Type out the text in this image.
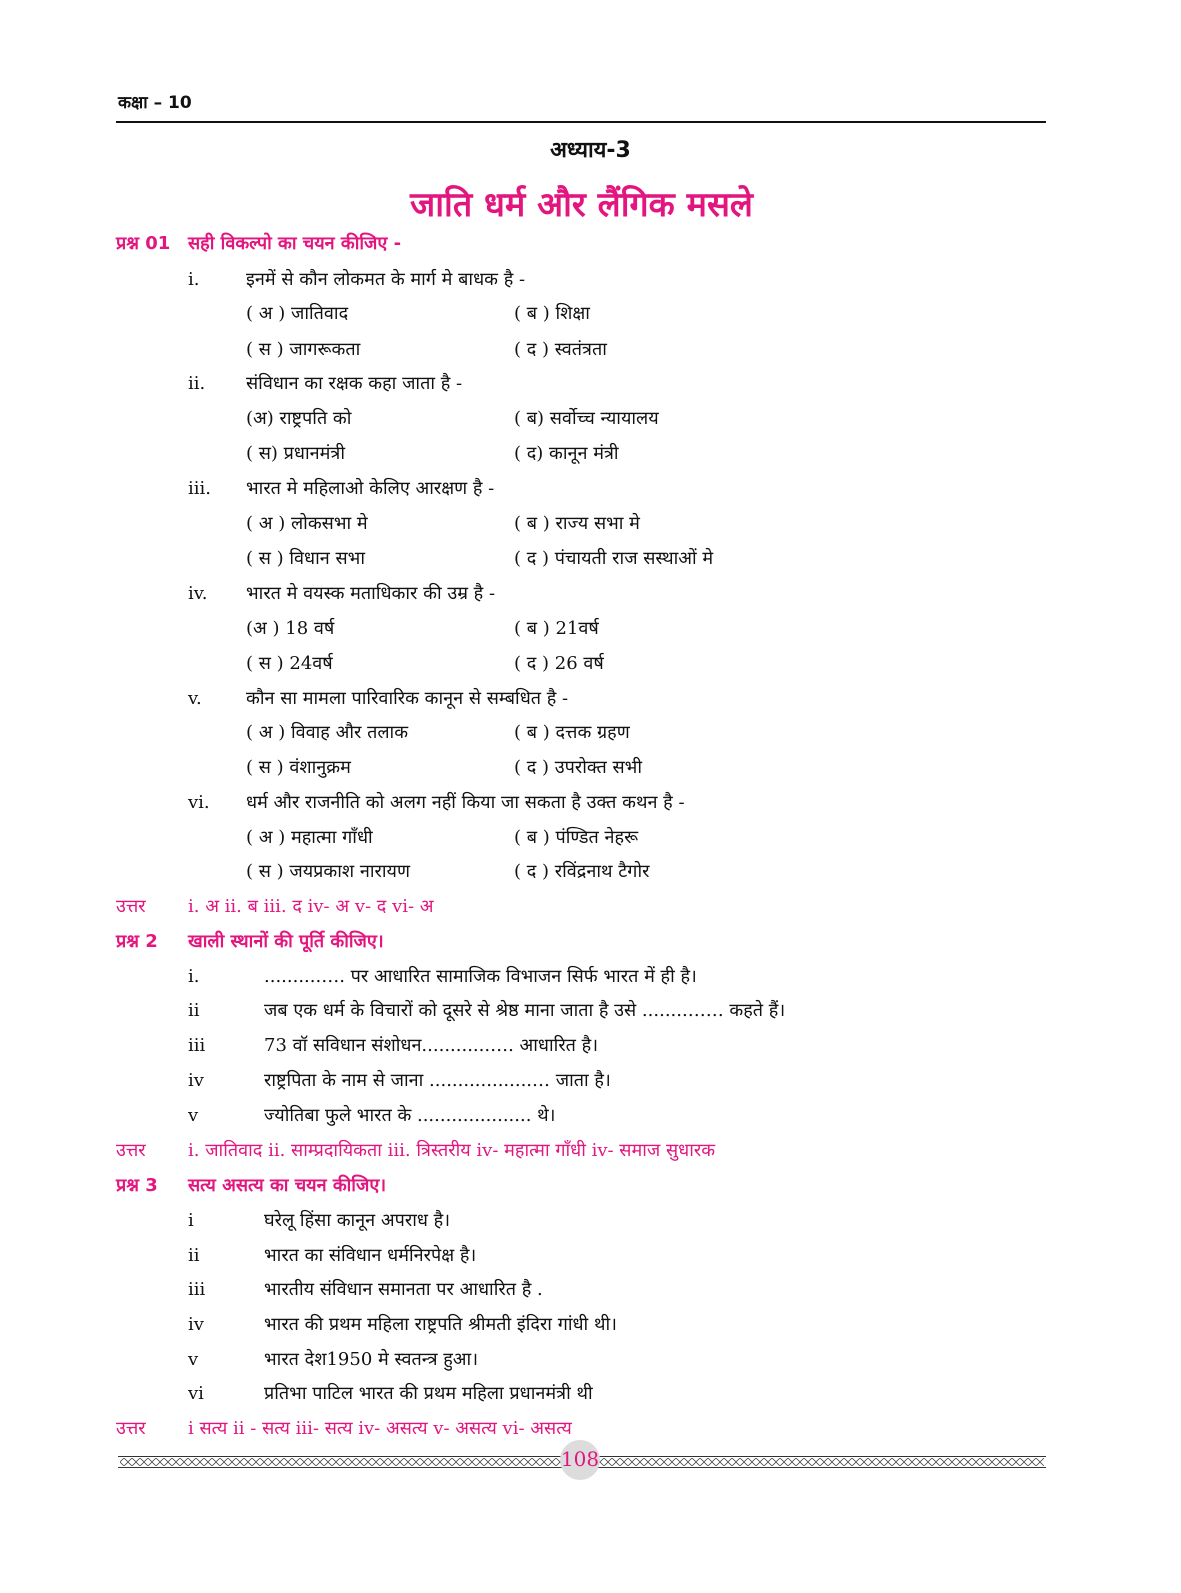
कक्षा – 10
अध्याय-3
जाति धर्म और लैंगिक मसले
प्रश्न 01 सही विकल्पो का चयन कीजिए -
i.	इनमें से कौन लोकमत के मार्ग मे बाधक है -
( अ ) जातिवाद	( ब ) शिक्षा
( स ) जागरूकता	( द ) स्वतंत्रता
ii. संविधान का रक्षक कहा जाता है -
(अ) राष्ट्रपति को	( ब) सर्वोच्च न्यायालय
( स) प्रधानमंत्री	( द) कानून मंत्री
iii. भारत मे महिलाओ केलिए आरक्षण है -
( अ ) लोकसभा मे	( ब ) राज्य सभा मे
( स ) विधान सभा	( द ) पंचायती राज सस्थाओं मे
iv. भारत मे वयस्क मताधिकार की उम्र है -
(अ ) 18 वर्ष	( ब ) 21वर्ष
( स ) 24वर्ष	( द ) 26 वर्ष
v. कौन सा मामला पारिवारिक कानून से सम्बधित है -
( अ ) विवाह और तलाक	( ब ) दत्तक ग्रहण
( स ) वंशानुक्रम	( द ) उपरोक्त सभी
vi. धर्म और राजनीति को अलग नहीं किया जा सकता है उक्त कथन है -
( अ ) महात्मा गाँधी	( ब ) पंण्डित नेहरू
( स ) जयप्रकाश नारायण	( द ) रविंद्रनाथ टैगोर
उत्तर i. अ ii. ब iii. द iv- अ v- द vi- अ
प्रश्न 2 खाली स्थानों की पूर्ति कीजिए।
i.	..........…. पर आधारित सामाजिक विभाजन सिर्फ भारत में ही है।
ii	जब एक धर्म के विचारों को दूसरे से श्रेष्ठ माना जाता है उसे ........…… कहते हैं।
iii	73 वॉ सविधान संशोधन............…. आधारित है।
iv	राष्ट्रपिता के नाम से जाना ..................… जाता है।
v	ज्योतिबा फुले भारत के .................... थे।
उत्तर i. जातिवाद ii. साम्प्रदायिकता iii. त्रिस्तरीय iv- महात्मा गाँधी iv- समाज सुधारक
प्रश्न 3 सत्य असत्य का चयन कीजिए।
i	घरेलू हिंसा कानून अपराध है।
ii	भारत का संविधान धर्मनिरपेक्ष है।
iii	भारतीय संविधान समानता पर आधारित है .
iv	भारत की प्रथम महिला राष्ट्रपति श्रीमती इंदिरा गांधी थी।
v	भारत देश1950 मे स्वतन्त्र हुआ।
vi	प्रतिभा पाटिल भारत की प्रथम महिला प्रधानमंत्री थी
उत्तर i सत्य ii - सत्य iii- सत्य iv- असत्य v- असत्य vi- असत्य
108
